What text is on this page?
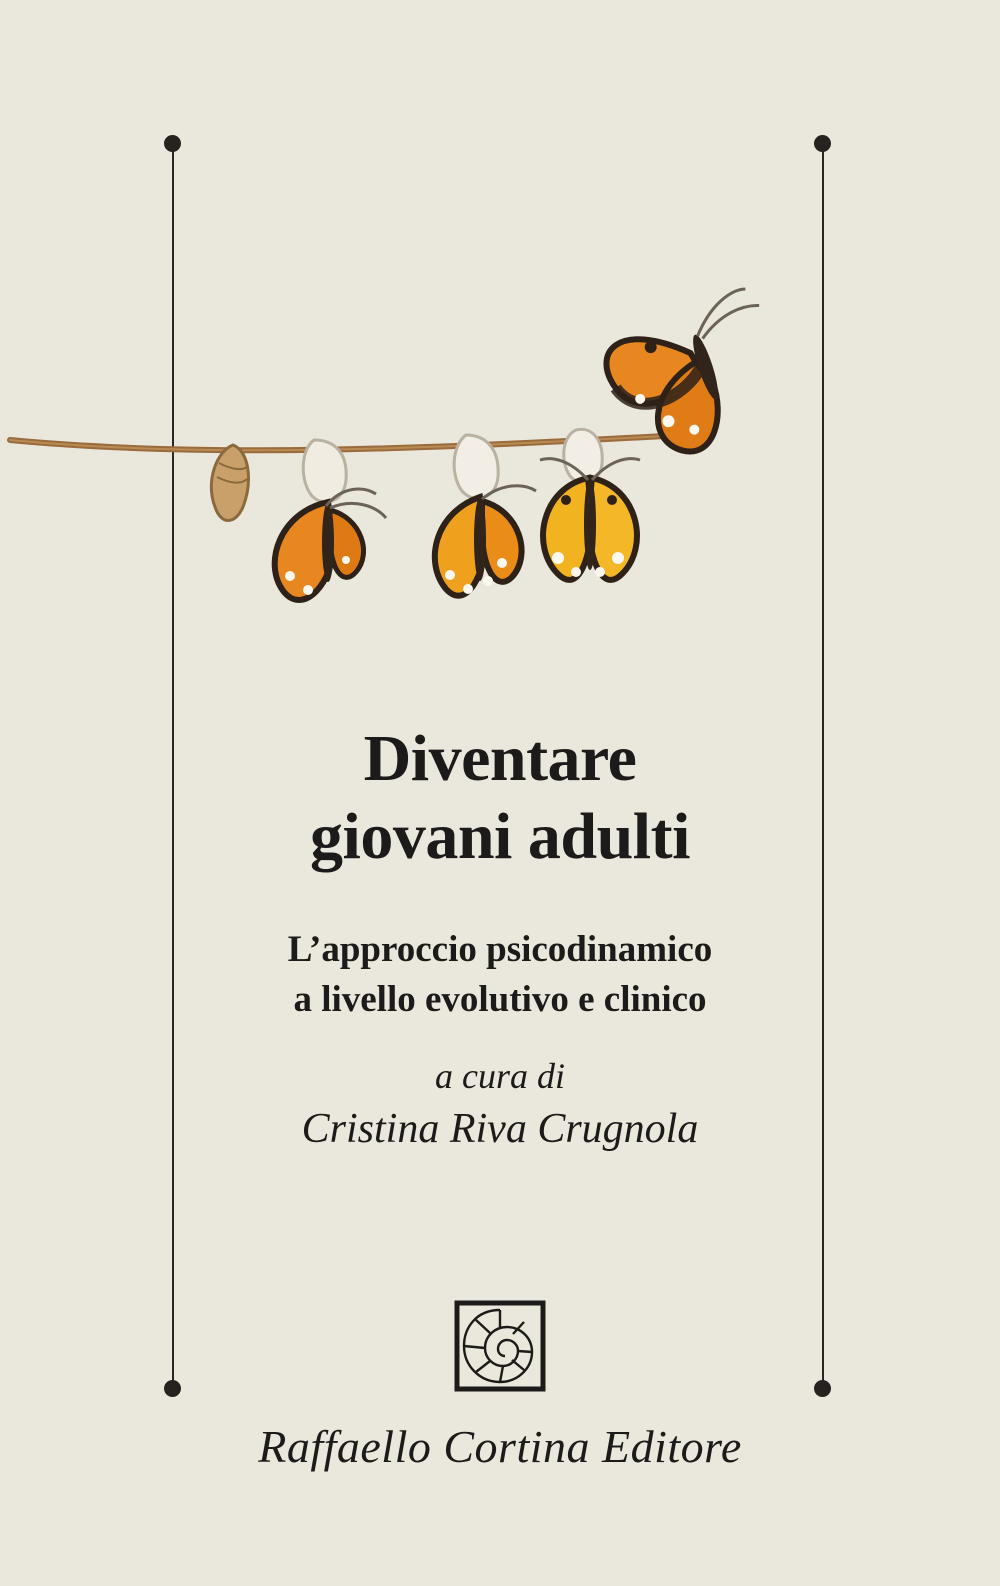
Diventare
giovani adulti
L’approccio psicodinamico
a livello evolutivo e clinico
a cura di
Cristina Riva Crugnola
Raffaello Cortina Editore
